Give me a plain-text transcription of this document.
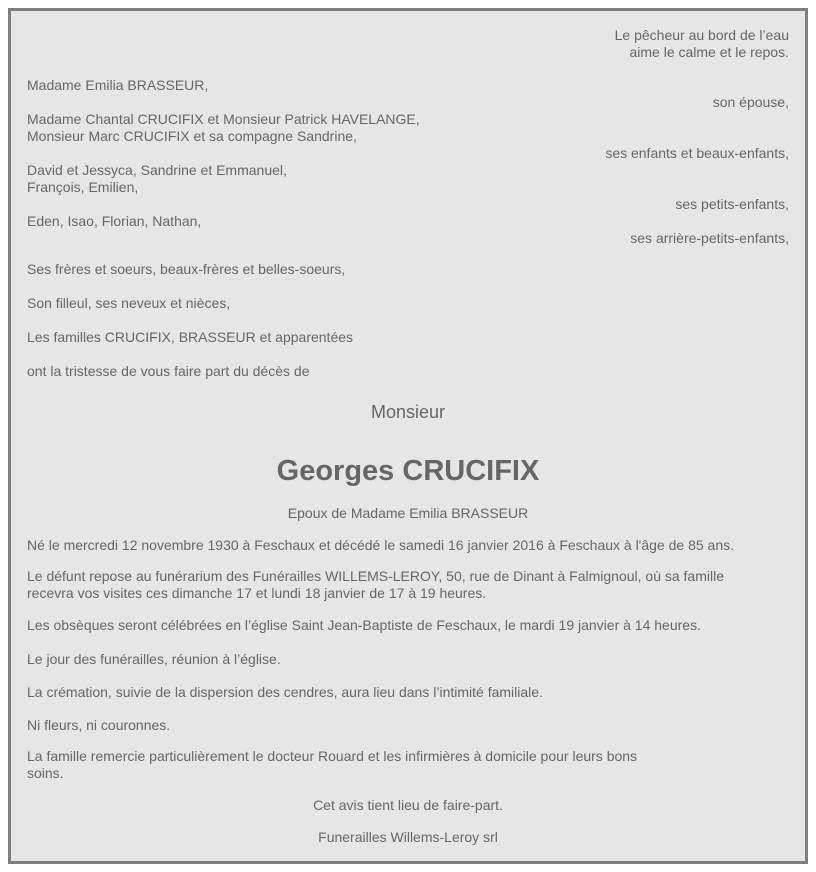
Le pêcheur au bord de l’eau

aime le calme et le repos.

Madame Emilia BRASSEUR,

son épouse,

Madame Chantal CRUCIFIX et Monsieur Patrick HAVELANGE,

Monsieur Marc CRUCIFIX et sa compagne Sandrine,

ses enfants et beaux-enfants,

David et Jessyca, Sandrine et Emmanuel,

François, Emilien,

ses petits-enfants,

Eden, Isao, Florian, Nathan,

ses arrière-petits-enfants,

Ses frères et soeurs, beaux-frères et belles-soeurs,

Son filleul, ses neveux et nièces,

Les familles CRUCIFIX, BRASSEUR et apparentées

ont la tristesse de vous faire part du décès de

Monsieur

Georges CRUCIFIX

Epoux de Madame Emilia BRASSEUR

Né le mercredi 12 novembre 1930 à Feschaux et décédé le samedi 16 janvier 2016 à Feschaux à l'âge de 85 ans.

Le défunt repose au funérarium des Funérailles WILLEMS-LEROY, 50, rue de Dinant à Falmignoul, où sa famille

recevra vos visites ces dimanche 17 et lundi 18 janvier de 17 à 19 heures.

Les obsèques seront célébrées en l’église Saint Jean-Baptiste de Feschaux, le mardi 19 janvier à 14 heures.

Le jour des funérailles, réunion à l’église.

La crémation, suivie de la dispersion des cendres, aura lieu dans l’intimité familiale.

Ni fleurs, ni couronnes.

La famille remercie particulièrement le docteur Rouard et les infirmières à domicile pour leurs bons

soins.

Cet avis tient lieu de faire-part.

Funerailles Willems-Leroy srl
